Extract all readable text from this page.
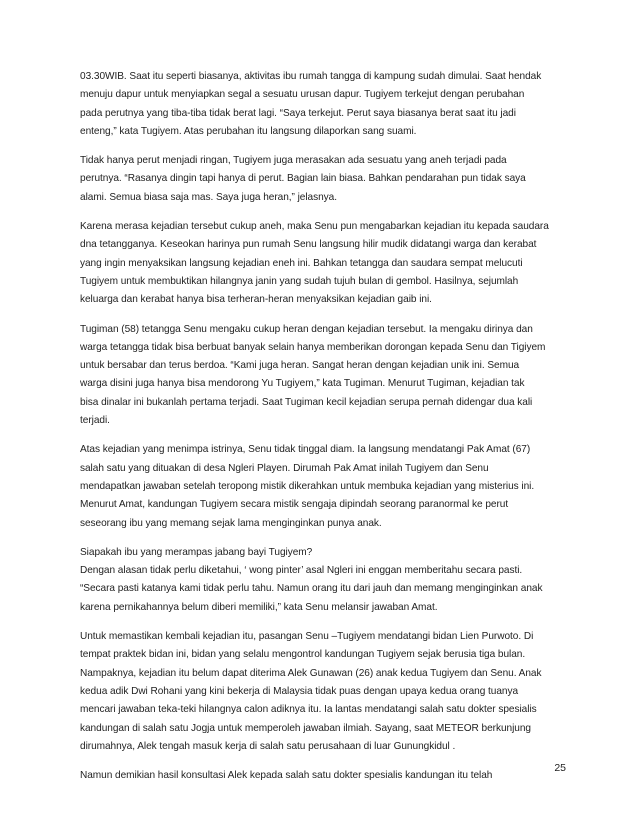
03.30WIB. Saat itu seperti biasanya, aktivitas ibu rumah tangga di kampung sudah dimulai. Saat hendak
menuju dapur untuk menyiapkan segal a sesuatu urusan dapur. Tugiyem terkejut dengan perubahan
pada perutnya yang tiba-tiba tidak berat lagi. “Saya terkejut. Perut saya biasanya berat saat itu jadi
enteng,” kata Tugiyem. Atas perubahan itu langsung dilaporkan sang suami.

Tidak hanya perut menjadi ringan, Tugiyem juga merasakan ada sesuatu yang aneh terjadi pada
perutnya. “Rasanya dingin tapi hanya di perut. Bagian lain biasa. Bahkan pendarahan pun tidak saya
alami. Semua biasa saja mas. Saya juga heran,” jelasnya.

Karena merasa kejadian tersebut cukup aneh, maka Senu pun mengabarkan kejadian itu kepada saudara
dna tetangganya. Keseokan harinya pun rumah Senu langsung hilir mudik didatangi warga dan kerabat
yang ingin menyaksikan langsung kejadian eneh ini. Bahkan tetangga dan saudara sempat melucuti
Tugiyem untuk membuktikan hilangnya janin yang sudah tujuh bulan di gembol. Hasilnya, sejumlah
keluarga dan kerabat hanya bisa terheran-heran menyaksikan kejadian gaib ini.

Tugiman (58) tetangga Senu mengaku cukup heran dengan kejadian tersebut. Ia mengaku dirinya dan
warga tetangga tidak bisa berbuat banyak selain hanya memberikan dorongan kepada Senu dan Tigiyem
untuk bersabar dan terus berdoa. “Kami juga heran. Sangat heran dengan kejadian unik ini. Semua
warga disini juga hanya bisa mendorong Yu Tugiyem,” kata Tugiman. Menurut Tugiman, kejadian tak
bisa dinalar ini bukanlah pertama terjadi. Saat Tugiman kecil kejadian serupa pernah didengar dua kali
terjadi.

Atas kejadian yang menimpa istrinya, Senu tidak tinggal diam. Ia langsung mendatangi Pak Amat (67)
salah satu yang dituakan di desa Ngleri Playen. Dirumah Pak Amat inilah Tugiyem dan Senu
mendapatkan jawaban setelah teropong mistik dikerahkan untuk membuka kejadian yang misterius ini.
Menurut Amat, kandungan Tugiyem secara mistik sengaja dipindah seorang paranormal ke perut
seseorang ibu yang memang sejak lama menginginkan punya anak.

Siapakah ibu yang merampas jabang bayi Tugiyem?
Dengan alasan tidak perlu diketahui, ‘ wong pinter’ asal Ngleri ini enggan memberitahu secara pasti.
“Secara pasti katanya kami tidak perlu tahu. Namun orang itu dari jauh dan memang menginginkan anak
karena pernikahannya belum diberi memiliki,” kata Senu melansir jawaban Amat.

Untuk memastikan kembali kejadian itu, pasangan Senu –Tugiyem mendatangi bidan Lien Purwoto. Di
tempat praktek bidan ini, bidan yang selalu mengontrol kandungan Tugiyem sejak berusia tiga bulan.
Nampaknya, kejadian itu belum dapat diterima Alek Gunawan (26) anak kedua Tugiyem dan Senu. Anak
kedua adik Dwi Rohani yang kini bekerja di Malaysia tidak puas dengan upaya kedua orang tuanya
mencari jawaban teka-teki hilangnya calon adiknya itu. Ia lantas mendatangi salah satu dokter spesialis
kandungan di salah satu Jogja untuk memperoleh jawaban ilmiah. Sayang, saat METEOR berkunjung
dirumahnya, Alek tengah masuk kerja di salah satu perusahaan di luar Gunungkidul .

Namun demikian hasil konsultasi Alek kepada salah satu dokter spesialis kandungan itu telah

25
